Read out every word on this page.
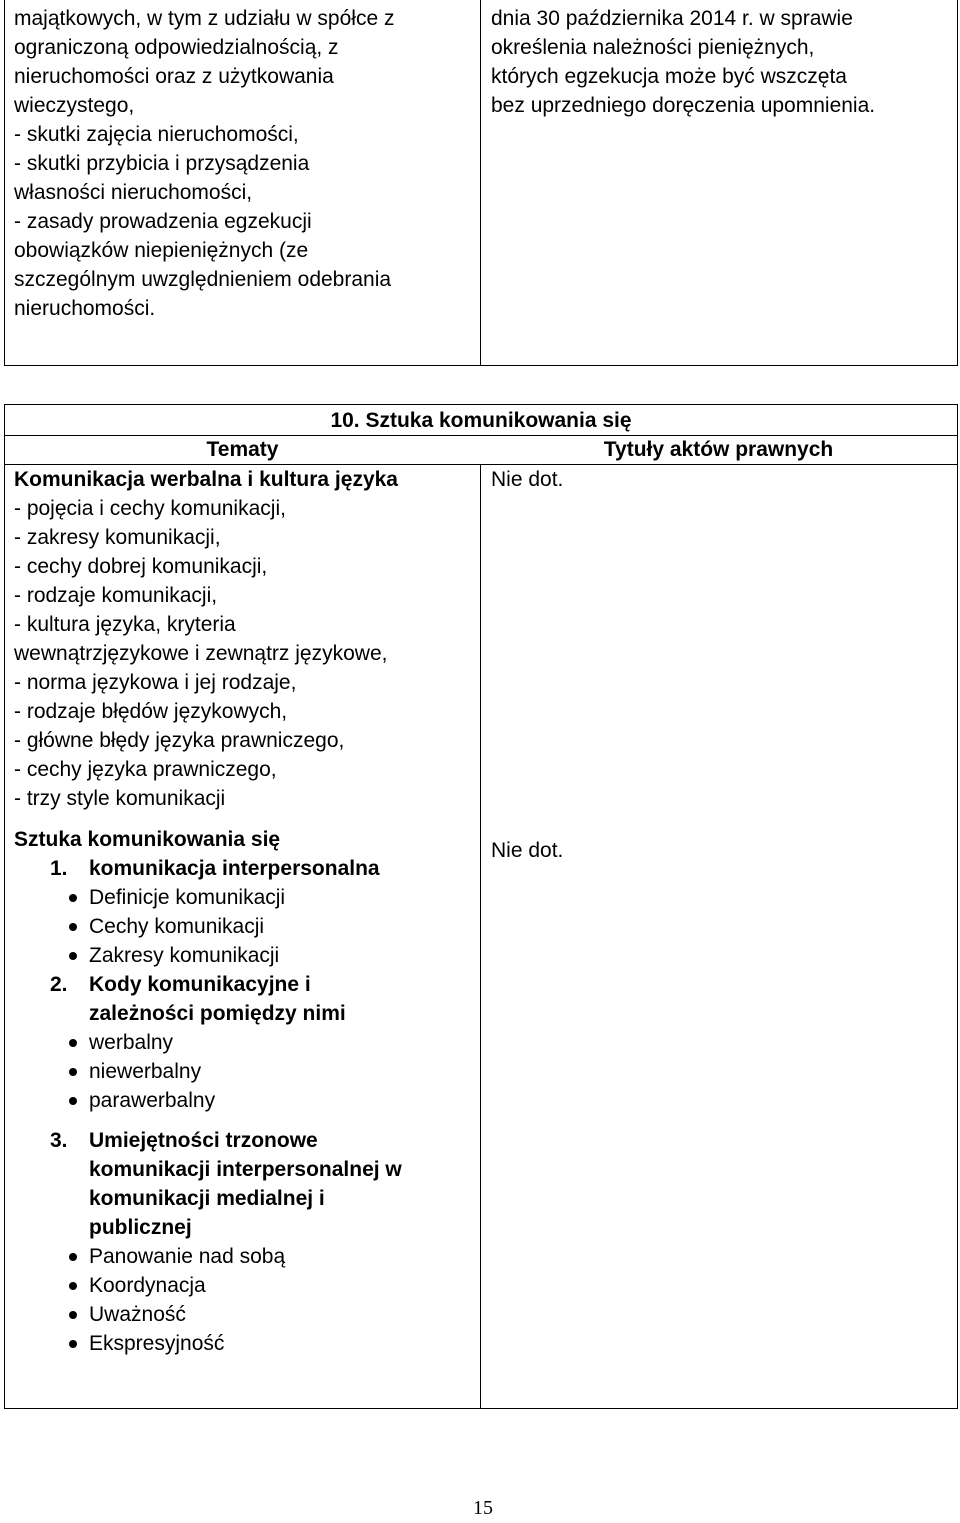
majątkowych, w tym z udziału w spółce z
ograniczoną odpowiedzialnością, z
nieruchomości oraz z użytkowania
wieczystego,
- skutki zajęcia nieruchomości,
- skutki przybicia i przysądzenia
własności nieruchomości,
- zasady prowadzenia egzekucji
obowiązków niepieniężnych (ze
szczególnym uwzględnieniem odebrania
nieruchomości.
dnia 30 października 2014 r. w sprawie
określenia należności pieniężnych,
których egzekucja może być wszczęta
bez uprzedniego doręczenia upomnienia.
10. Sztuka komunikowania się
Tematy	Tytuły aktów prawnych
Komunikacja werbalna i kultura języka
- pojęcia i cechy komunikacji,
- zakresy komunikacji,
- cechy dobrej komunikacji,
- rodzaje komunikacji,
- kultura języka, kryteria
wewnątrzjęzykowe i zewnątrz językowe,
- norma językowa i jej rodzaje,
- rodzaje błędów językowych,
- główne błędy języka prawniczego,
- cechy języka prawniczego,
- trzy style komunikacji
Nie dot.
Sztuka komunikowania się
1. komunikacja interpersonalna
Definicje komunikacji
Cechy komunikacji
Zakresy komunikacji
2. Kody komunikacyjne i
zależności pomiędzy nimi
werbalny
niewerbalny
parawerbalny
3. Umiejętności trzonowe
komunikacji interpersonalnej w
komunikacji medialnej i
publicznej
Panowanie nad sobą
Koordynacja
Uważność
Ekspresyjność
Nie dot.
15
